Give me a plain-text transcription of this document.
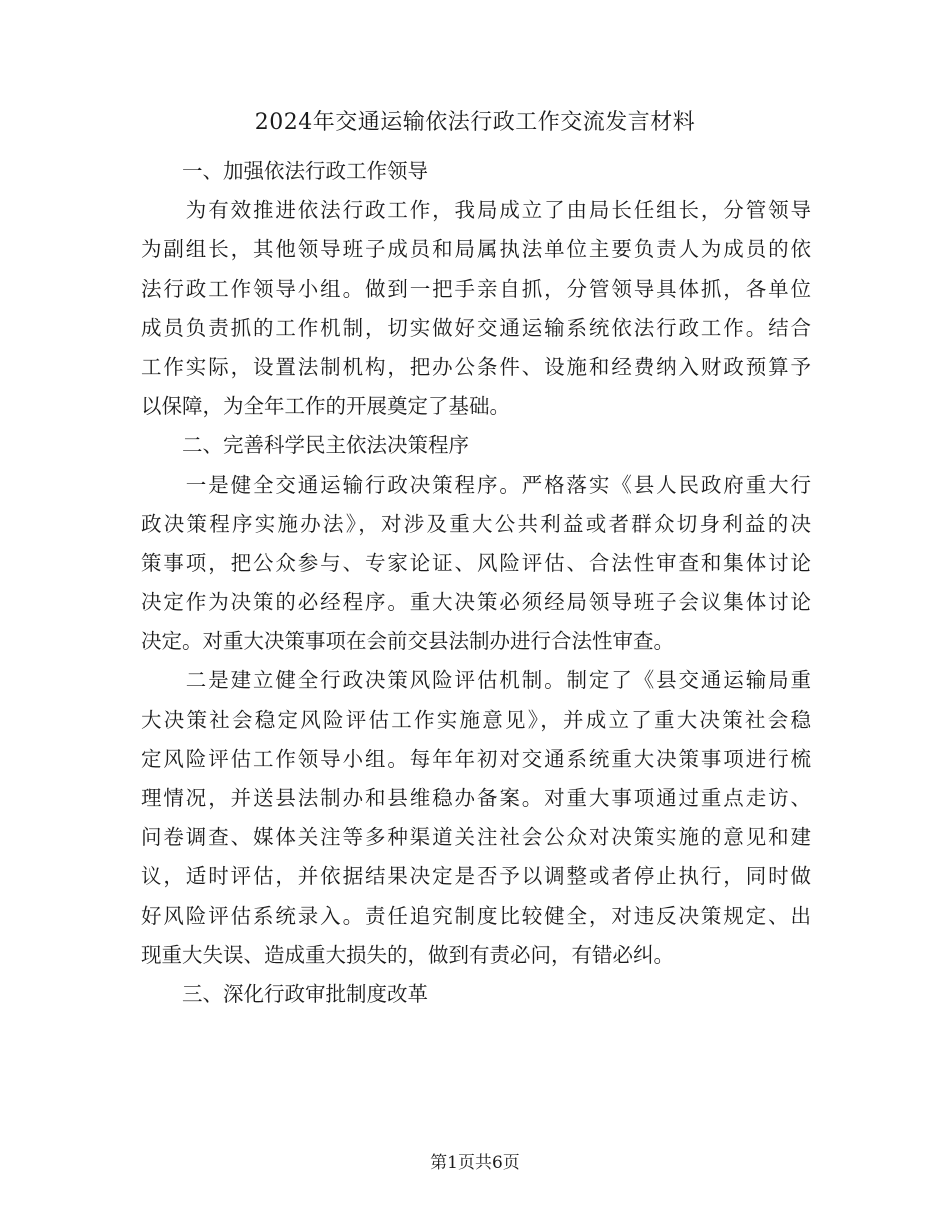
2024年交通运输依法行政工作交流发言材料
　　一、加强依法行政工作领导
　　为有效推进依法行政工作，我局成立了由局长任组长，分管领导
为副组长，其他领导班子成员和局属执法单位主要负责人为成员的依
法行政工作领导小组。做到一把手亲自抓，分管领导具体抓，各单位
成员负责抓的工作机制，切实做好交通运输系统依法行政工作。结合
工作实际，设置法制机构，把办公条件、设施和经费纳入财政预算予
以保障，为全年工作的开展奠定了基础。
　　二、完善科学民主依法决策程序
　　一是健全交通运输行政决策程序。严格落实《县人民政府重大行
政决策程序实施办法》，对涉及重大公共利益或者群众切身利益的决
策事项，把公众参与、专家论证、风险评估、合法性审查和集体讨论
决定作为决策的必经程序。重大决策必须经局领导班子会议集体讨论
决定。对重大决策事项在会前交县法制办进行合法性审查。
　　二是建立健全行政决策风险评估机制。制定了《县交通运输局重
大决策社会稳定风险评估工作实施意见》，并成立了重大决策社会稳
定风险评估工作领导小组。每年年初对交通系统重大决策事项进行梳
理情况，并送县法制办和县维稳办备案。对重大事项通过重点走访、
问卷调查、媒体关注等多种渠道关注社会公众对决策实施的意见和建
议，适时评估，并依据结果决定是否予以调整或者停止执行，同时做
好风险评估系统录入。责任追究制度比较健全，对违反决策规定、出
现重大失误、造成重大损失的，做到有责必问，有错必纠。
　　三、深化行政审批制度改革
第1页共6页
